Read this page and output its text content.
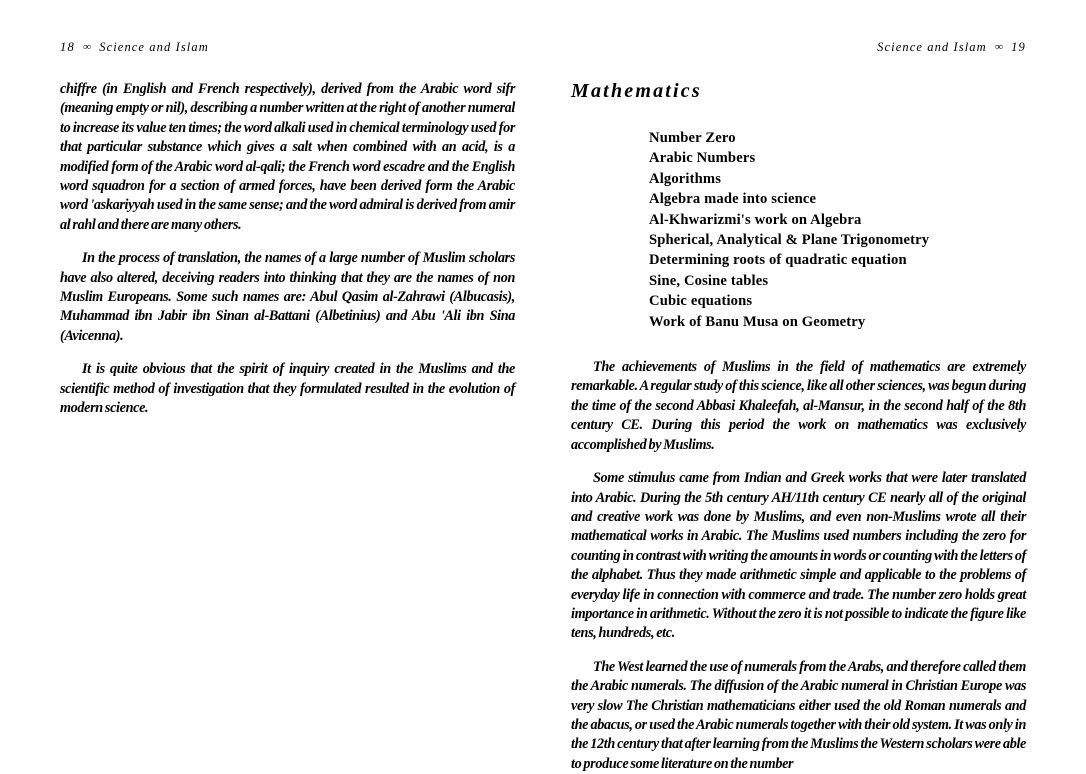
18 ∞ Science and Islam

chiffre (in English and French respectively), derived from the Arabic word sifr (meaning empty or nil), describing a number written at the right of another numeral to increase its value ten times; the word alkali used in chemical terminology used for that particular substance which gives a salt when combined with an acid, is a modified form of the Arabic word al-qali; the French word escadre and the English word squadron for a section of armed forces, have been derived form the Arabic word 'askariyyah used in the same sense; and the word admiral is derived from amir al rahl and there are many others.

In the process of translation, the names of a large number of Muslim scholars have also altered, deceiving readers into thinking that they are the names of non Muslim Europeans. Some such names are: Abul Qasim al-Zahrawi (Albucasis), Muhammad ibn Jabir ibn Sinan al-Battani (Albetinius) and Abu 'Ali ibn Sina (Avicenna).

It is quite obvious that the spirit of inquiry created in the Muslims and the scientific method of investigation that they formulated resulted in the evolution of modern science.

Science and Islam ∞ 19
Mathematics
Number Zero
Arabic Numbers
Algorithms
Algebra made into science
Al-Khwarizmi's work on Algebra
Spherical, Analytical & Plane Trigonometry
Determining roots of quadratic equation
Sine, Cosine tables
Cubic equations
Work of Banu Musa on Geometry

The achievements of Muslims in the field of mathematics are extremely remarkable. A regular study of this science, like all other sciences, was begun during the time of the second Abbasi Khaleefah, al-Mansur, in the second half of the 8th century CE. During this period the work on mathematics was exclusively accomplished by Muslims.

Some stimulus came from Indian and Greek works that were later translated into Arabic. During the 5th century AH/11th century CE nearly all of the original and creative work was done by Muslims, and even non-Muslims wrote all their mathematical works in Arabic. The Muslims used numbers including the zero for counting in contrast with writing the amounts in words or counting with the letters of the alphabet. Thus they made arithmetic simple and applicable to the problems of everyday life in connection with commerce and trade. The number zero holds great importance in arithmetic. Without the zero it is not possible to indicate the figure like tens, hundreds, etc.

The West learned the use of numerals from the Arabs, and therefore called them the Arabic numerals. The diffusion of the Arabic numeral in Christian Europe was very slow The Christian mathematicians either used the old Roman numerals and the abacus, or used the Arabic numerals together with their old system. It was only in the 12th century that after learning from the Muslims the Western scholars were able to produce some literature on the number
